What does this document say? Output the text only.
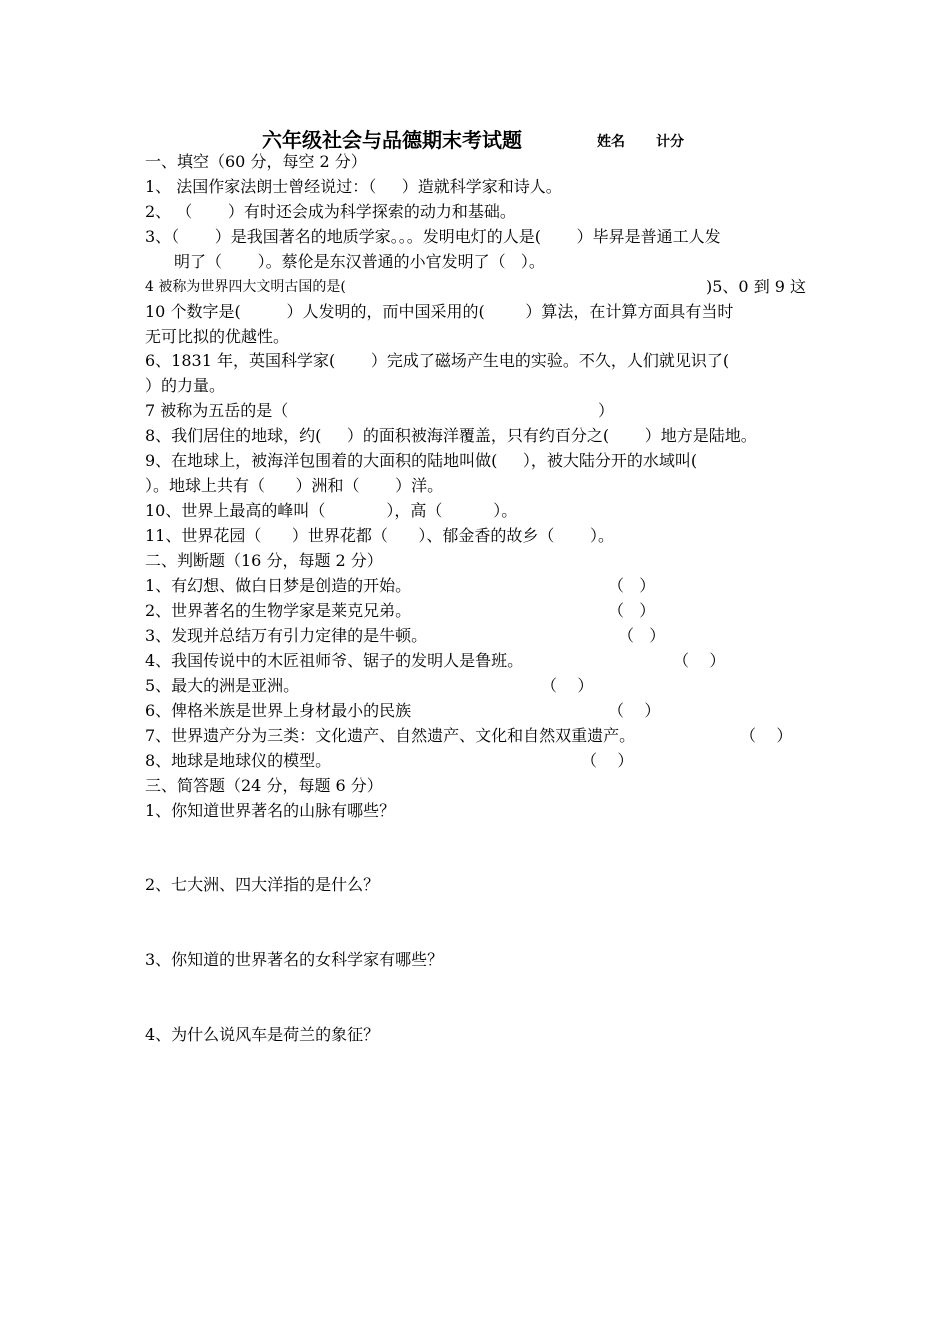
六年级社会与品德期末考试题	姓名 计分
一、填空（60 分，每空 2 分）
1、 法国作家法朗士曾经说过：（     ）造就科学家和诗人。
2、 （       ）有时还会成为科学探索的动力和基础。
3、（       ）是我国著名的地质学家。。。发明电灯的人是(       ）毕昇是普通工人发
明了（       ）。蔡伦是东汉普通的小官发明了（   ）。
4 被称为世界四大文明古国的是(	)5、0 到 9 这
10 个数字是(         ）人发明的，而中国采用的(        ）算法，在计算方面具有当时
无可比拟的优越性。
6、1831 年，英国科学家(       ）完成了磁场产生电的实验。不久，人们就见识了(
）的力量。
7 被称为五岳的是（	）
8、我们居住的地球，约(     ）的面积被海洋覆盖，只有约百分之(       ）地方是陆地。
9、在地球上，被海洋包围着的大面积的陆地叫做(     ），被大陆分开的水域叫(
）。地球上共有（      ）洲和（       ）洋。
10、世界上最高的峰叫（            ），高（          ）。
11、世界花园（      ）世界花都（      ）、郁金香的故乡（       ）。
二、判断题（16 分，每题 2 分）
1、有幻想、做白日梦是创造的开始。	（   ）
2、世界著名的生物学家是莱克兄弟。	（   ）
3、发现并总结万有引力定律的是牛顿。	（   ）
4、我国传说中的木匠祖师爷、锯子的发明人是鲁班。	（    ）
5、最大的洲是亚洲。	（    ）
6、俾格米族是世界上身材最小的民族	（    ）
7、世界遗产分为三类：文化遗产、自然遗产、文化和自然双重遗产。	（    ）
8、地球是地球仪的模型。	（    ）
三、简答题（24 分，每题 6 分）
1、你知道世界著名的山脉有哪些？
2、七大洲、四大洋指的是什么？
3、你知道的世界著名的女科学家有哪些？
4、为什么说风车是荷兰的象征？
